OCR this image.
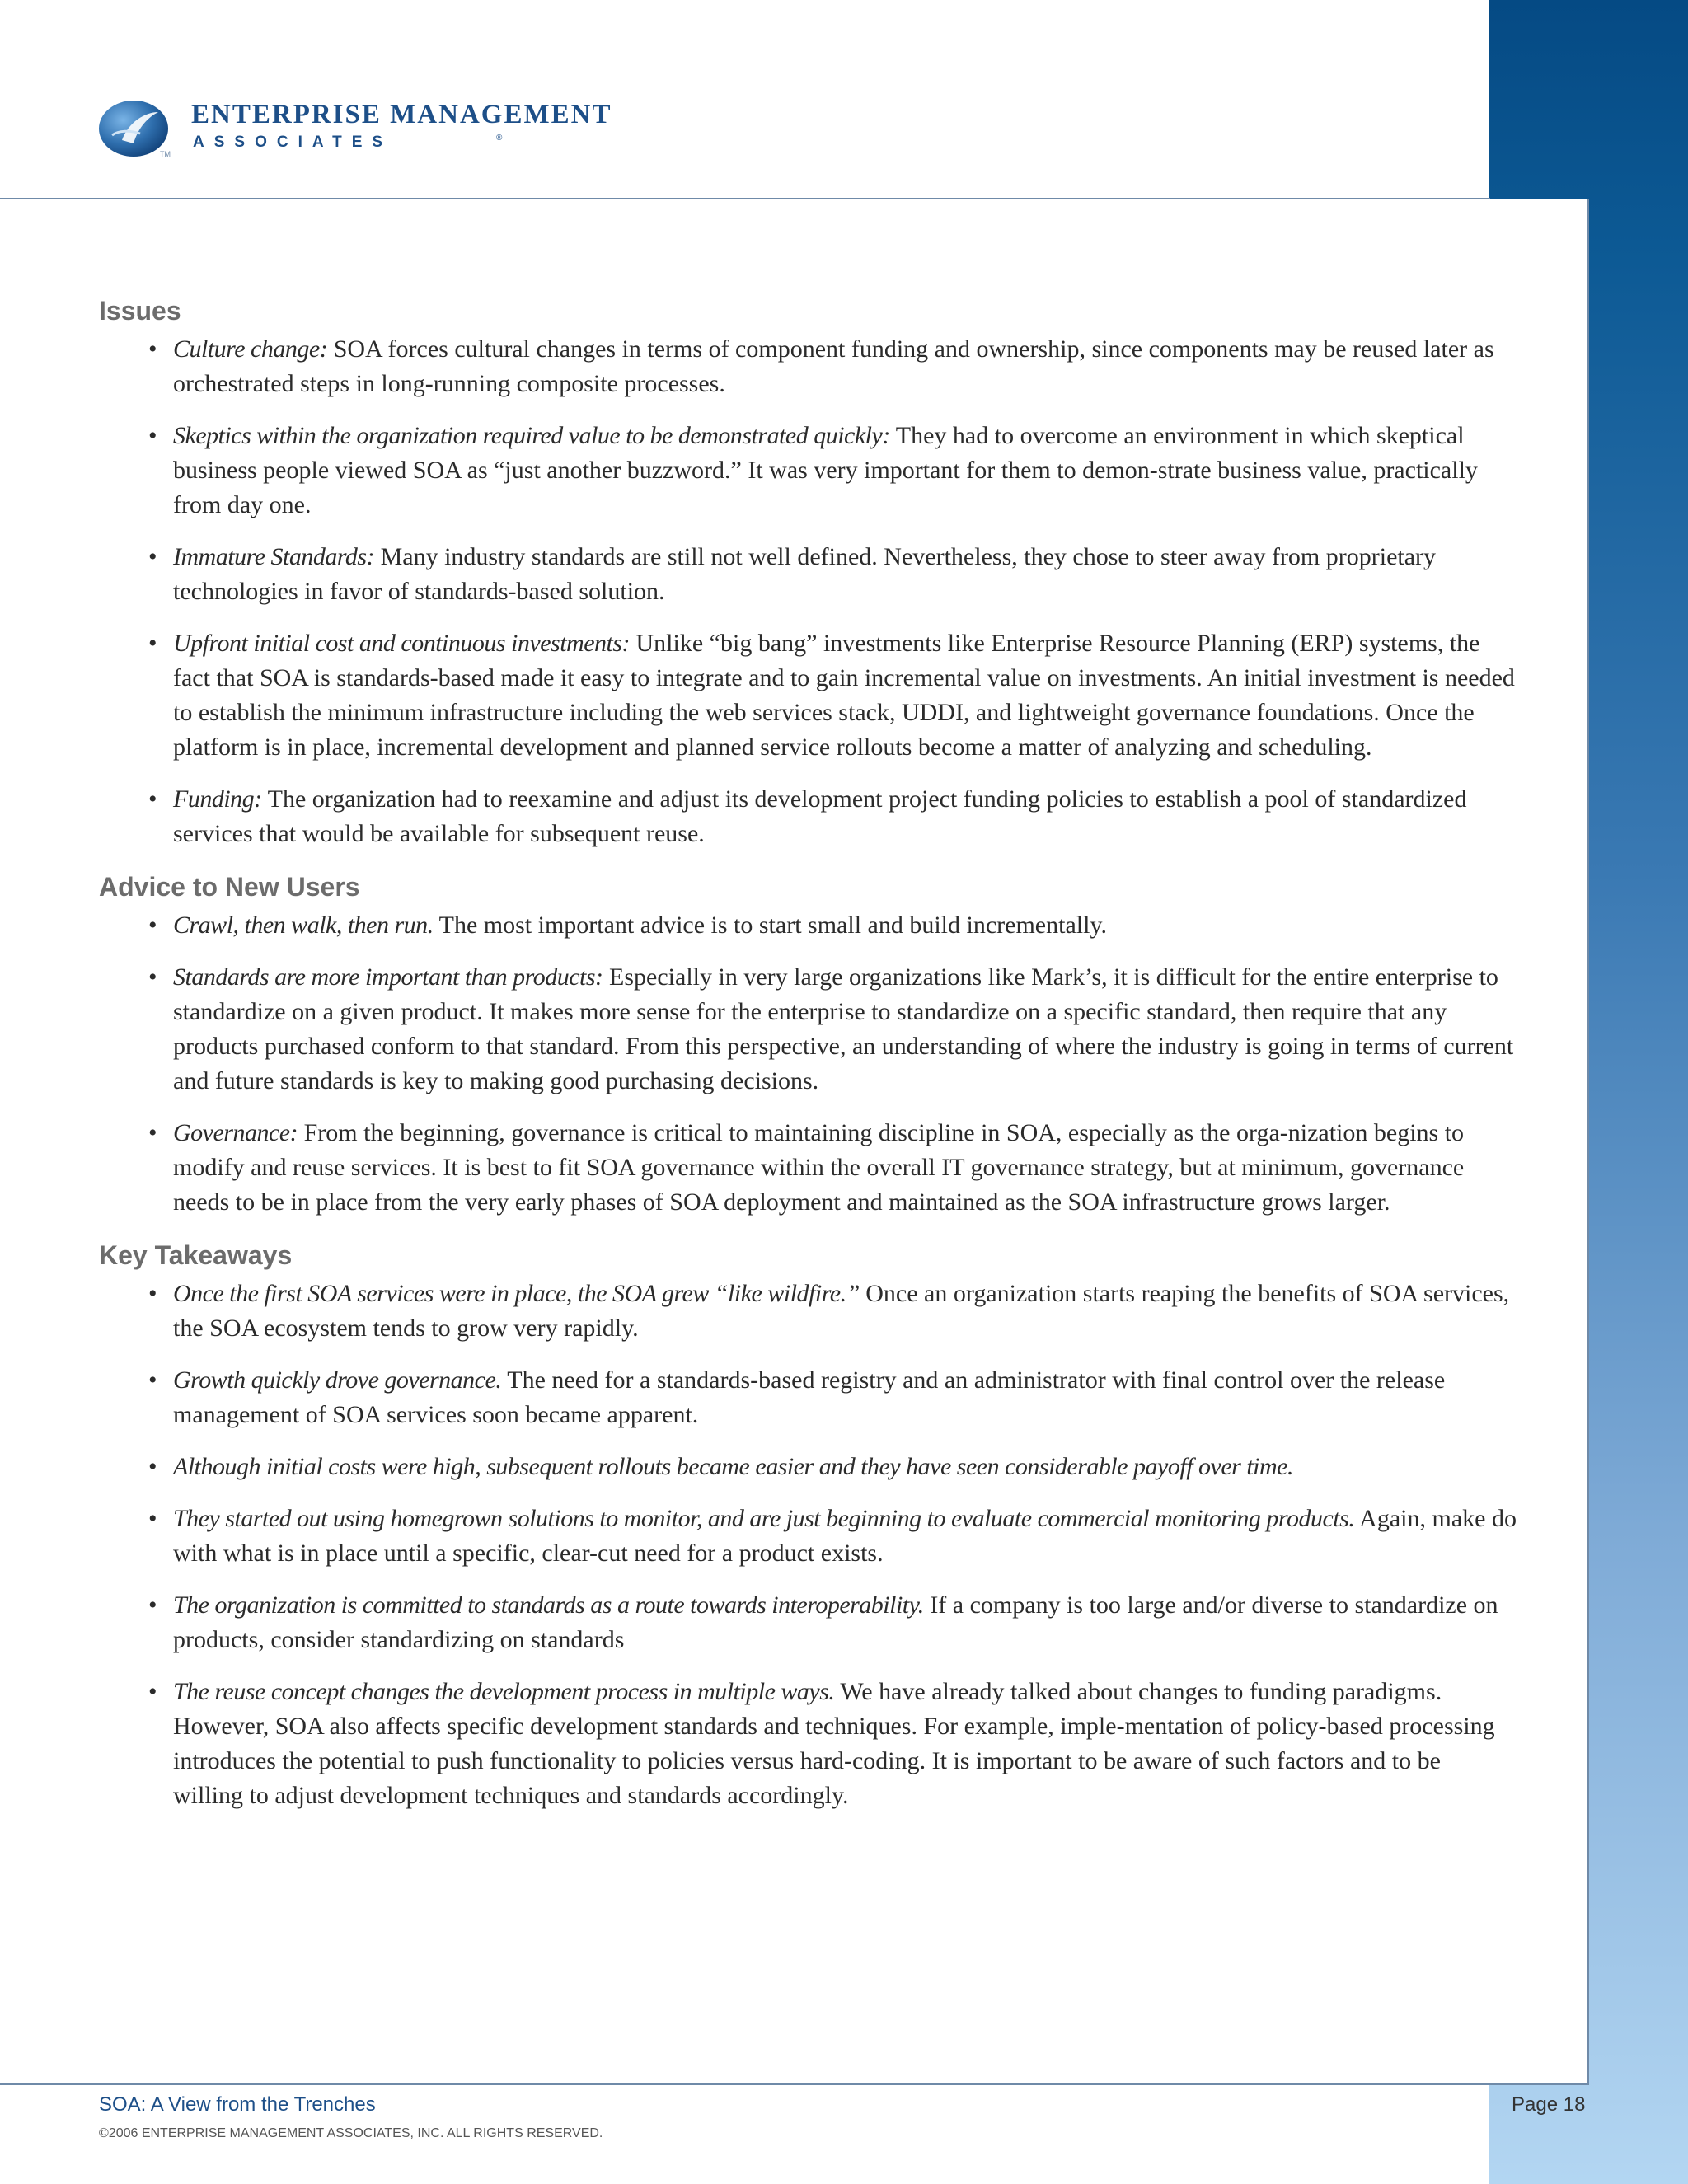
TM
ENTERPRISE MANAGEMENT
ASSOCIATES	®
Issues
• Culture change: SOA forces cultural changes in terms of component funding and ownership, since components may be reused later as orchestrated steps in long-running composite processes.
• Skeptics within the organization required value to be demonstrated quickly: They had to overcome an environment in which skeptical business people viewed SOA as “just another buzzword.” It was very important for them to demon-strate business value, practically from day one.
• Immature Standards: Many industry standards are still not well defined. Nevertheless, they chose to steer away from proprietary technologies in favor of standards-based solution.
• Upfront initial cost and continuous investments: Unlike “big bang” investments like Enterprise Resource Planning (ERP) systems, the fact that SOA is standards-based made it easy to integrate and to gain incremental value on investments. An initial investment is needed to establish the minimum infrastructure including the web services stack, UDDI, and lightweight governance foundations. Once the platform is in place, incremental development and planned service rollouts become a matter of analyzing and scheduling.
• Funding: The organization had to reexamine and adjust its development project funding policies to establish a pool of standardized services that would be available for subsequent reuse.
Advice to New Users
• Crawl, then walk, then run. The most important advice is to start small and build incrementally.
• Standards are more important than products: Especially in very large organizations like Mark’s, it is difficult for the entire enterprise to standardize on a given product. It makes more sense for the enterprise to standardize on a specific standard, then require that any products purchased conform to that standard. From this perspective, an understanding of where the industry is going in terms of current and future standards is key to making good purchasing decisions.
• Governance: From the beginning, governance is critical to maintaining discipline in SOA, especially as the orga-nization begins to modify and reuse services. It is best to fit SOA governance within the overall IT governance strategy, but at minimum, governance needs to be in place from the very early phases of SOA deployment and maintained as the SOA infrastructure grows larger.
Key Takeaways
• Once the first SOA services were in place, the SOA grew “like wildfire.” Once an organization starts reaping the benefits of SOA services, the SOA ecosystem tends to grow very rapidly.
• Growth quickly drove governance. The need for a standards-based registry and an administrator with final control over the release management of SOA services soon became apparent.
• Although initial costs were high, subsequent rollouts became easier and they have seen considerable payoff over time.
• They started out using homegrown solutions to monitor, and are just beginning to evaluate commercial monitoring products. Again, make do with what is in place until a specific, clear-cut need for a product exists.
• The organization is committed to standards as a route towards interoperability. If a company is too large and/or diverse to standardize on products, consider standardizing on standards
• The reuse concept changes the development process in multiple ways. We have already talked about changes to funding paradigms. However, SOA also affects specific development standards and techniques. For example, imple-mentation of policy-based processing introduces the potential to push functionality to policies versus hard-coding. It is important to be aware of such factors and to be willing to adjust development techniques and standards accordingly.
SOA: A View from the Trenches
©2006 ENTERPRISE MANAGEMENT ASSOCIATES, INC. ALL RIGHTS RESERVED.
Page 18
